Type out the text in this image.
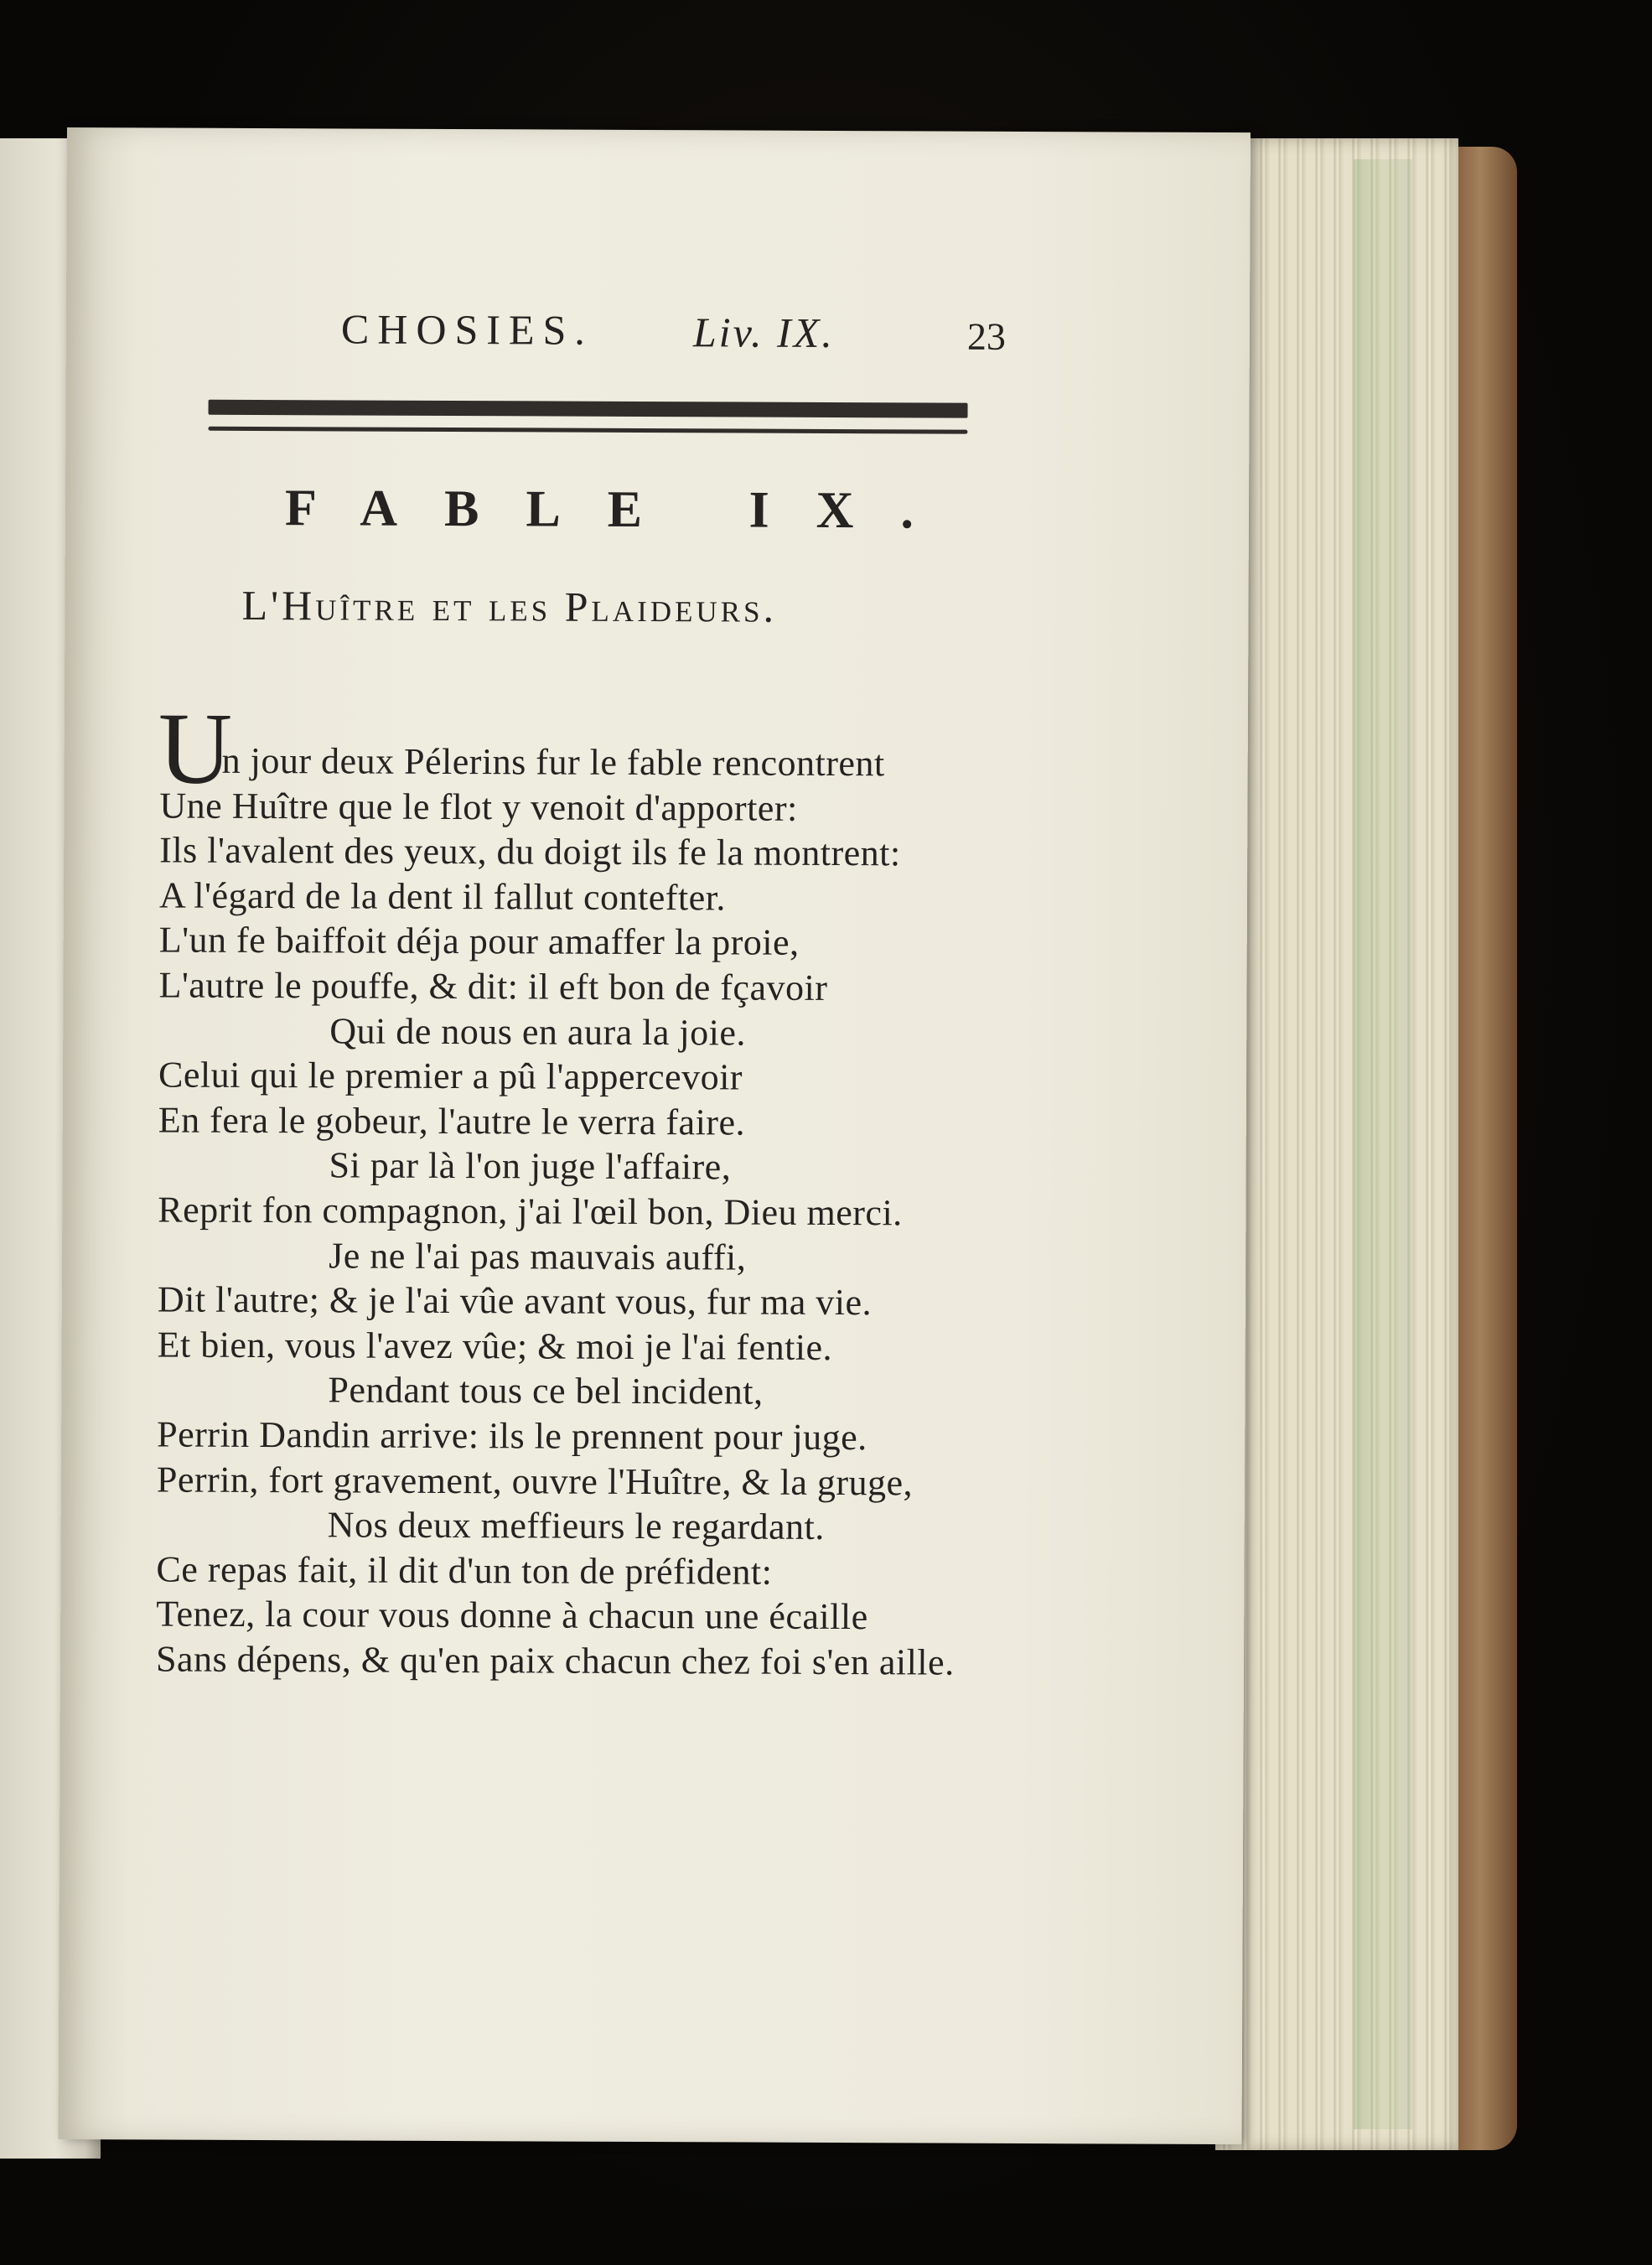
CHOSIES. Liv. IX.	23
FABLE IX.
L'Huître et les Plaideurs.
U
n jour deux Pélerins fur le fable rencontrent
Une Huître que le flot y venoit d'apporter:
Ils l'avalent des yeux, du doigt ils fe la montrent:
A l'égard de la dent il fallut contefter.
L'un fe baiffoit déja pour amaffer la proie,
L'autre le pouffe, & dit: il eft bon de fçavoir
Qui de nous en aura la joie.
Celui qui le premier a pû l'appercevoir
En fera le gobeur, l'autre le verra faire.
Si par là l'on juge l'affaire,
Reprit fon compagnon, j'ai l'œil bon, Dieu merci.
Je ne l'ai pas mauvais auffi,
Dit l'autre; & je l'ai vûe avant vous, fur ma vie.
Et bien, vous l'avez vûe; & moi je l'ai fentie.
Pendant tous ce bel incident,
Perrin Dandin arrive: ils le prennent pour juge.
Perrin, fort gravement, ouvre l'Huître, & la gruge,
Nos deux meffieurs le regardant.
Ce repas fait, il dit d'un ton de préfident:
Tenez, la cour vous donne à chacun une écaille
Sans dépens, & qu'en paix chacun chez foi s'en aille.
